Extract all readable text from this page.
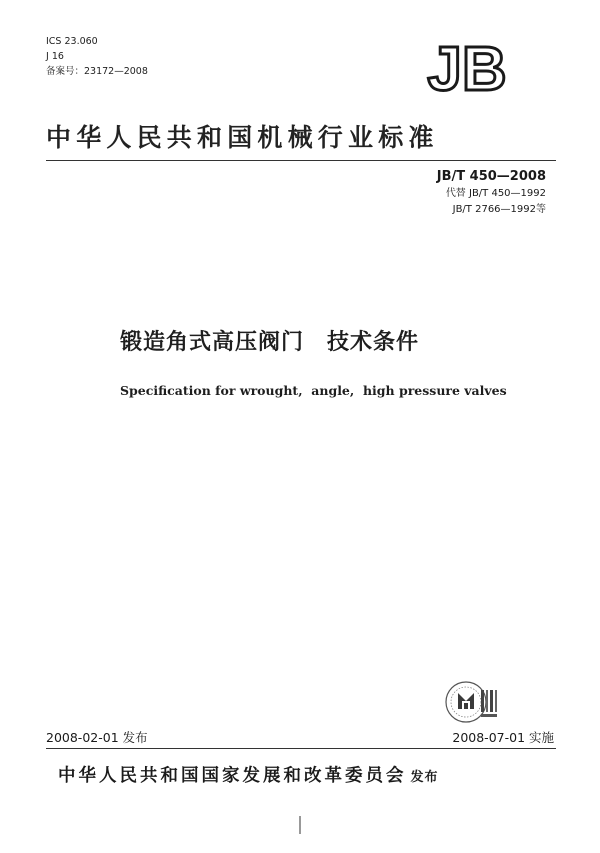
ICS 23.060
J 16
备案号：23172—2008	JB
中华人民共和国机械行业标准
JB/T 450—2008
代替 JB/T 450—1992
JB/T 2766—1992等
锻造角式高压阀门　技术条件
Specification for wrought,  angle,  high pressure valves
2008-02-01 发布	2008-07-01 实施
中华人民共和国国家发展和改革委员会 发布
